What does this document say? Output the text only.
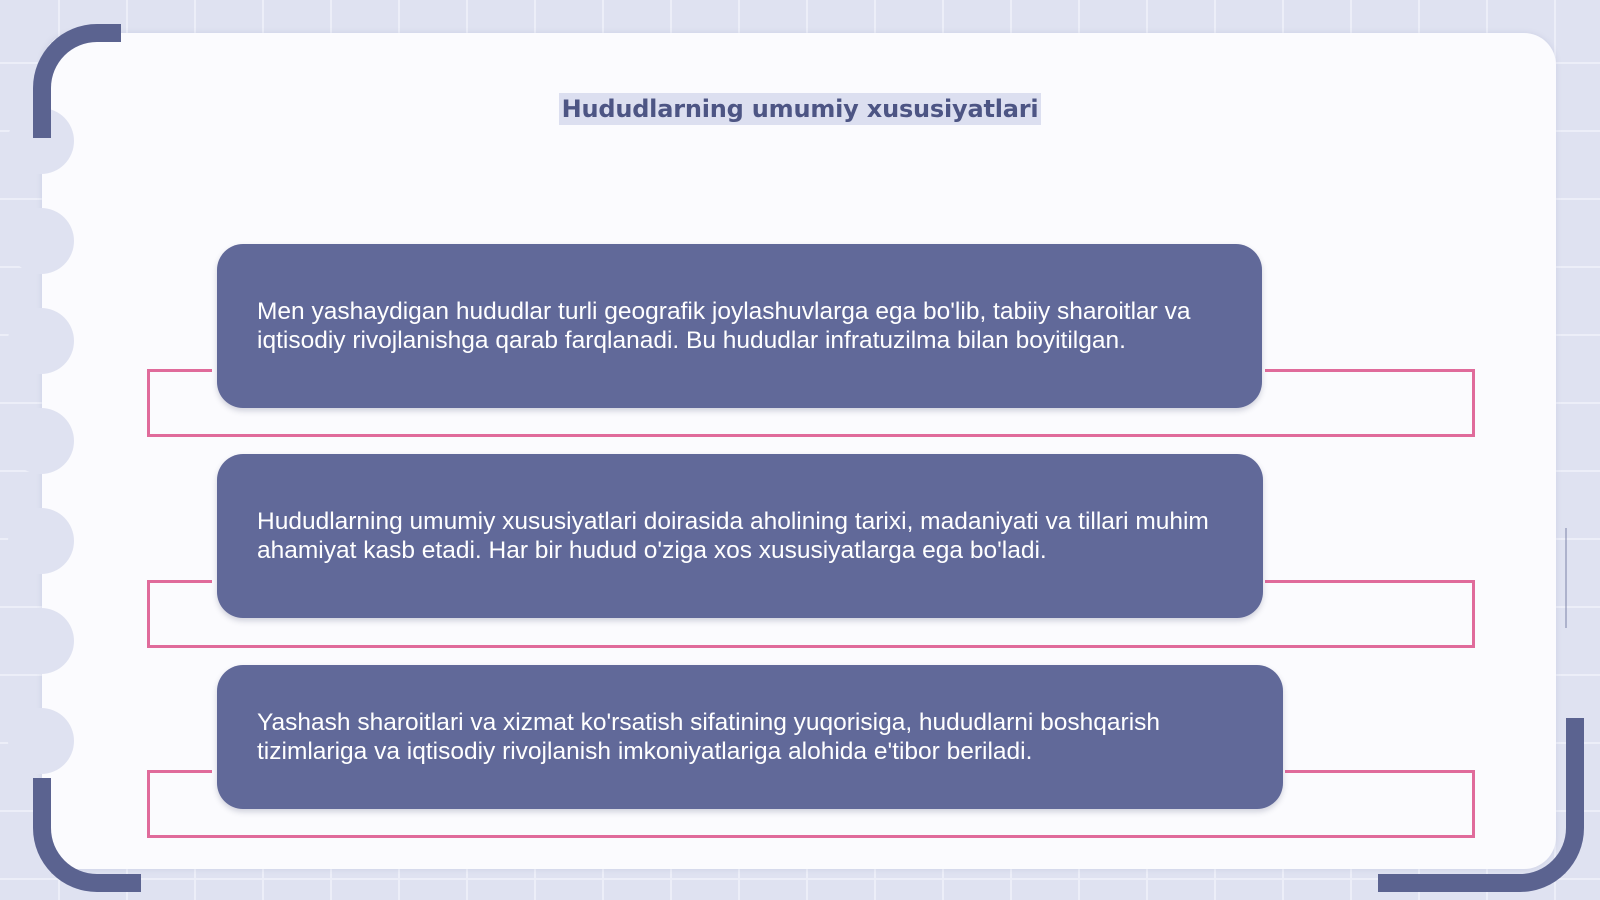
Hududlarning umumiy xususiyatlari
Men yashaydigan hududlar turli geografik joylashuvlarga ega bo'lib, tabiiy sharoitlar va iqtisodiy rivojlanishga qarab farqlanadi. Bu hududlar infratuzilma bilan boyitilgan.
Hududlarning umumiy xususiyatlari doirasida aholining tarixi, madaniyati va tillari muhim ahamiyat kasb etadi. Har bir hudud o'ziga xos xususiyatlarga ega bo'ladi.
Yashash sharoitlari va xizmat ko'rsatish sifatining yuqorisiga, hududlarni boshqarish tizimlariga va iqtisodiy rivojlanish imkoniyatlariga alohida e'tibor beriladi.
